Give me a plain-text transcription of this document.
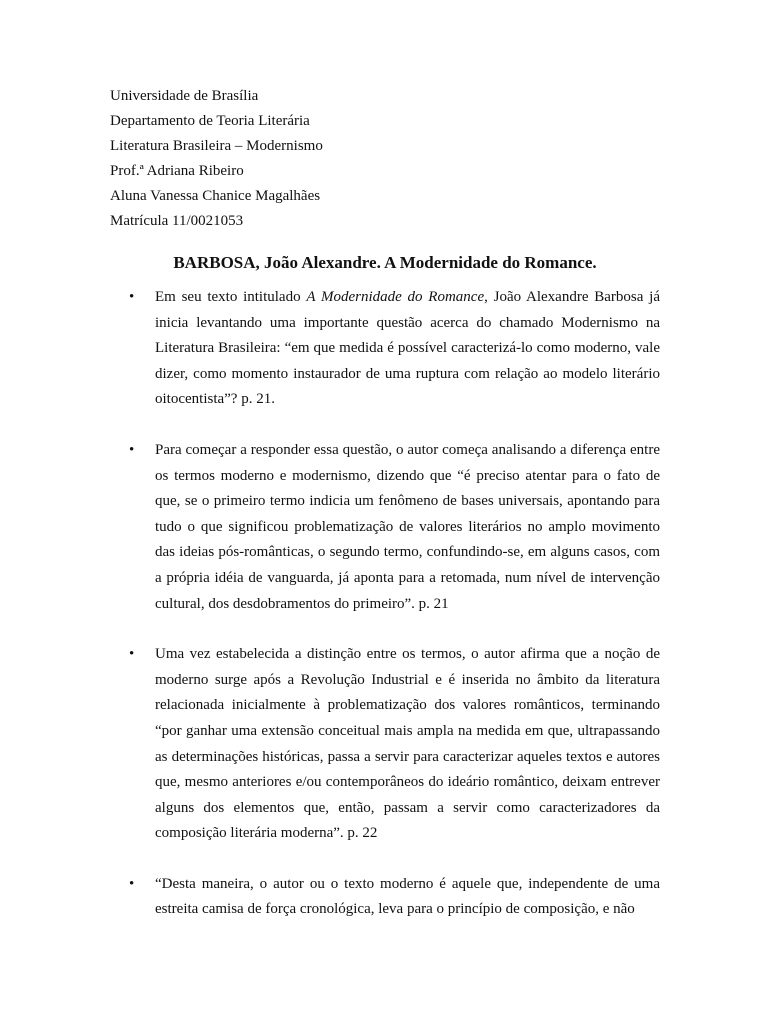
Universidade de Brasília
Departamento de Teoria Literária
Literatura Brasileira – Modernismo
Prof.ª Adriana Ribeiro
Aluna Vanessa Chanice Magalhães
Matrícula 11/0021053
BARBOSA, João Alexandre. A Modernidade do Romance.
• Em seu texto intitulado A Modernidade do Romance, João Alexandre Barbosa já inicia levantando uma importante questão acerca do chamado Modernismo na Literatura Brasileira: “em que medida é possível caracterizá-lo como moderno, vale dizer, como momento instaurador de uma ruptura com relação ao modelo literário oitocentista”? p. 21.
• Para começar a responder essa questão, o autor começa analisando a diferença entre os termos moderno e modernismo, dizendo que “é preciso atentar para o fato de que, se o primeiro termo indicia um fenômeno de bases universais, apontando para tudo o que significou problematização de valores literários no amplo movimento das ideias pós-românticas, o segundo termo, confundindo-se, em alguns casos, com a própria idéia de vanguarda, já aponta para a retomada, num nível de intervenção cultural, dos desdobramentos do primeiro”. p. 21
• Uma vez estabelecida a distinção entre os termos, o autor afirma que a noção de moderno surge após a Revolução Industrial e é inserida no âmbito da literatura relacionada inicialmente à problematização dos valores românticos, terminando “por ganhar uma extensão conceitual mais ampla na medida em que, ultrapassando as determinações históricas, passa a servir para caracterizar aqueles textos e autores que, mesmo anteriores e/ou contemporâneos do ideário romântico, deixam entrever alguns dos elementos que, então, passam a servir como caracterizadores da composição literária moderna”. p. 22
• “Desta maneira, o autor ou o texto moderno é aquele que, independente de uma estreita camisa de força cronológica, leva para o princípio de composição, e não
